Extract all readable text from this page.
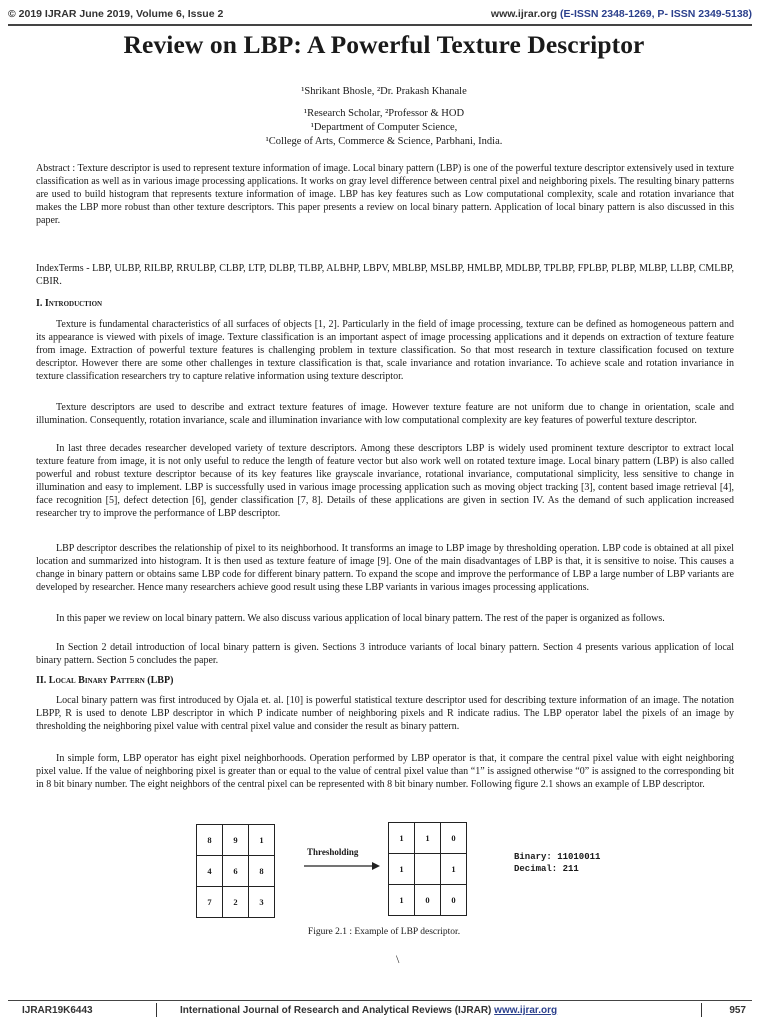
© 2019 IJRAR June 2019, Volume 6, Issue 2	www.ijrar.org (E-ISSN 2348-1269, P- ISSN 2349-5138)
Review on LBP: A Powerful Texture Descriptor
¹Shrikant Bhosle, ²Dr. Prakash Khanale
¹Research Scholar, ²Professor & HOD
¹Department of Computer Science,
¹College of Arts, Commerce & Science, Parbhani, India.

Abstract : Texture descriptor is used to represent texture information of image. Local binary pattern (LBP) is one of the powerful texture descriptor extensively used in texture classification as well as in various image processing applications. It works on gray level difference between central pixel and neighboring pixels. The resulting binary patterns are used to build histogram that represents texture information of image. LBP has key features such as Low computational complexity, scale and rotation invariance that makes the LBP more robust than other texture descriptors. This paper presents a review on local binary pattern. Application of local binary pattern is also discussed in this paper.

IndexTerms - LBP, ULBP, RILBP, RRULBP, CLBP, LTP, DLBP, TLBP, ALBHP, LBPV, MBLBP, MSLBP, HMLBP, MDLBP, TPLBP, FPLBP, PLBP, MLBP, LLBP, CMLBP, CBIR.

I. Introduction

Texture is fundamental characteristics of all surfaces of objects [1, 2]. Particularly in the field of image processing, texture can be defined as homogeneous pattern and its appearance is viewed with pixels of image. Texture classification is an important aspect of image processing applications and it depends on extraction of texture feature from image. Extraction of powerful texture features is challenging problem in texture classification. So that most research in texture classification focused on texture descriptor. However there are some other challenges in texture classification is that, scale invariance and rotation invariance. To achieve scale and rotation invariance in texture classification researchers try to capture relative information using texture descriptor.

Texture descriptors are used to describe and extract texture features of image. However texture feature are not uniform due to change in orientation, scale and illumination. Consequently, rotation invariance, scale and illumination invariance with low computational complexity are key features of powerful texture descriptor.

In last three decades researcher developed variety of texture descriptors. Among these descriptors LBP is widely used prominent texture descriptor to extract local texture feature from image, it is not only useful to reduce the length of feature vector but also work well on rotated texture image. Local binary pattern (LBP) is also called powerful and robust texture descriptor because of its key features like grayscale invariance, rotational invariance, computational simplicity, less sensitive to change in illumination and easy to implement. LBP is successfully used in various image processing application such as moving object tracking [3], content based image retrieval [4], face recognition [5], defect detection [6], gender classification [7, 8]. Details of these applications are given in section IV. As the demand of such application increased researcher try to improve the performance of LBP descriptor.

LBP descriptor describes the relationship of pixel to its neighborhood. It transforms an image to LBP image by thresholding operation. LBP code is obtained at all pixel location and summarized into histogram. It is then used as texture feature of image [9]. One of the main disadvantages of LBP is that, it is sensitive to noise. This causes a change in binary pattern or obtains same LBP code for different binary pattern. To expand the scope and improve the performance of LBP a large number of LBP variants are developed by researcher. Hence many researchers achieve good result using these LBP variants in various images processing applications.

In this paper we review on local binary pattern. We also discuss various application of local binary pattern. The rest of the paper is organized as follows.

In Section 2 detail introduction of local binary pattern is given. Sections 3 introduce variants of local binary pattern. Section 4 presents various application of local binary pattern. Section 5 concludes the paper.

II. Local Binary Pattern (LBP)

Local binary pattern was first introduced by Ojala et. al. [10] is powerful statistical texture descriptor used for describing texture information of an image. The notation LBPP, R is used to denote LBP descriptor in which P indicate number of neighboring pixels and R indicate radius. The LBP operator label the pixels of an image by thresholding the neighboring pixel value with central pixel value and consider the result as binary pattern.

In simple form, LBP operator has eight pixel neighborhoods. Operation performed by LBP operator is that, it compare the central pixel value with eight neighboring pixel value. If the value of neighboring pixel is greater than or equal to the value of central pixel value than “1” is assigned otherwise “0” is assigned to the corresponding bit in 8 bit binary number. The eight neighbors of the central pixel can be represented with 8 bit binary number. Following figure 2.1 shows an example of LBP descriptor.

8	9	1
4	6	8
7	2	3
Thresholding
1	1	0
1		1
1	0	0
Binary: 11010011
Decimal: 211
Figure 2.1 : Example of LBP descriptor.
\
IJRAR19K6443	International Journal of Research and Analytical Reviews (IJRAR) www.ijrar.org	957
